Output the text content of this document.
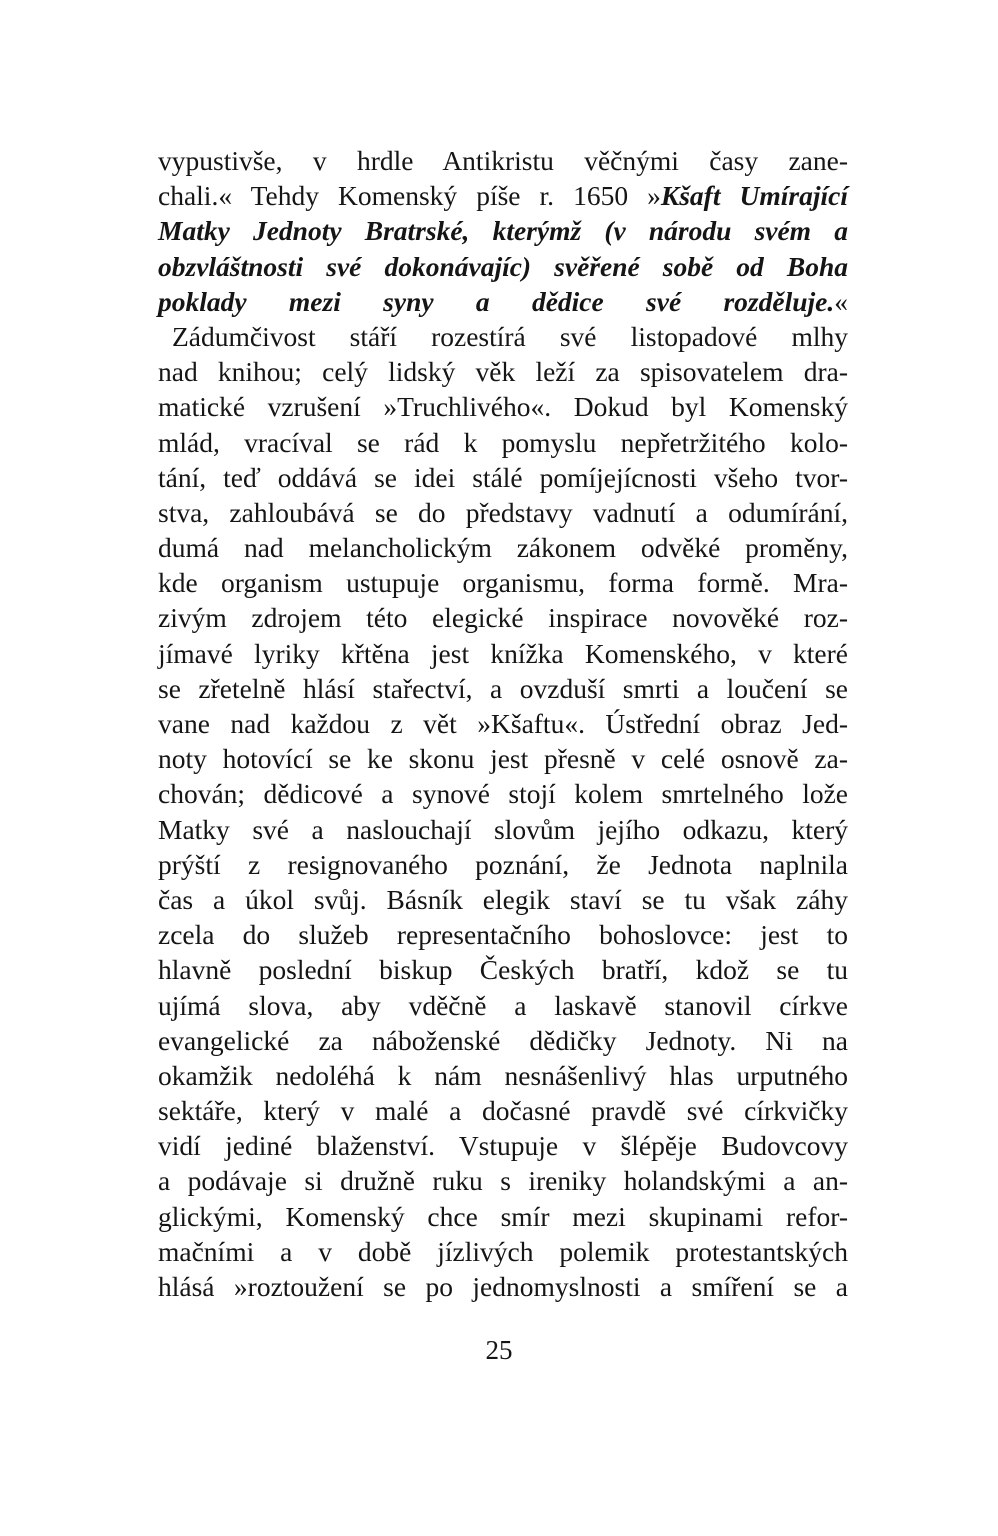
vypustivše, v hrdle Antikristu věčnými časy zane-
chali.« Tehdy Komenský píše r. 1650 »Kšaft Umírající
Matky Jednoty Bratrské, kterýmž (v národu svém a
obzvláštnosti své dokonávajíc) svěřené sobě od Boha
poklady mezi syny a dědice své rozděluje.«
Zádumčivost stáří rozestírá své listopadové mlhy
nad knihou; celý lidský věk leží za spisovatelem dra-
matické vzrušení »Truchlivého«. Dokud byl Komenský
mlád, vracíval se rád k pomyslu nepřetržitého kolo-
tání, teď oddává se idei stálé pomíjejícnosti všeho tvor-
stva, zahloubává se do představy vadnutí a odumírání,
dumá nad melancholickým zákonem odvěké proměny,
kde organism ustupuje organismu, forma formě. Mra-
zivým zdrojem této elegické inspirace novověké roz-
jímavé lyriky křtěna jest knížka Komenského, v které
se zřetelně hlásí stařectví, a ovzduší smrti a loučení se
vane nad každou z vět »Kšaftu«. Ústřední obraz Jed-
noty hotovící se ke skonu jest přesně v celé osnově za-
chován; dědicové a synové stojí kolem smrtelného lože
Matky své a naslouchají slovům jejího odkazu, který
prýští z resignovaného poznání, že Jednota naplnila
čas a úkol svůj. Básník elegik staví se tu však záhy
zcela do služeb representačního bohoslovce: jest to
hlavně poslední biskup Českých bratří, kdož se tu
ujímá slova, aby vděčně a laskavě stanovil církve
evangelické za náboženské dědičky Jednoty. Ni na
okamžik nedoléhá k nám nesnášenlivý hlas urputného
sektáře, který v malé a dočasné pravdě své církvičky
vidí jediné blaženství. Vstupuje v šlépěje Budovcovy
a podávaje si družně ruku s ireniky holandskými a an-
glickými, Komenský chce smír mezi skupinami refor-
mačními a v době jízlivých polemik protestantských
hlásá »roztoužení se po jednomyslnosti a smíření se a
25
